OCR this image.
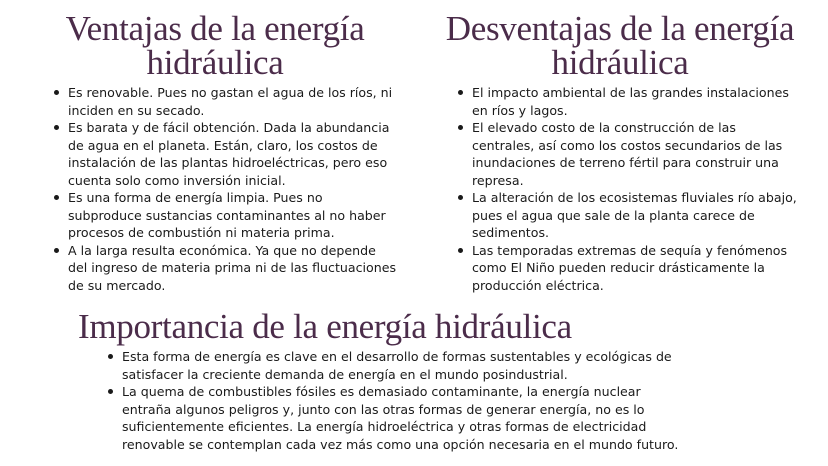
Ventajas de la energía hidráulica
Es renovable. Pues no gastan el agua de los ríos, ni inciden en su secado.
Es barata y de fácil obtención. Dada la abundancia de agua en el planeta. Están, claro, los costos de instalación de las plantas hidroeléctricas, pero eso cuenta solo como inversión inicial.
Es una forma de energía limpia. Pues no subproduce sustancias contaminantes al no haber procesos de combustión ni materia prima.
A la larga resulta económica. Ya que no depende del ingreso de materia prima ni de las fluctuaciones de su mercado.
Desventajas de la energía hidráulica
El impacto ambiental de las grandes instalaciones en ríos y lagos.
El elevado costo de la construcción de las centrales, así como los costos secundarios de las inundaciones de terreno fértil para construir una represa.
La alteración de los ecosistemas fluviales río abajo, pues el agua que sale de la planta carece de sedimentos.
Las temporadas extremas de sequía y fenómenos como El Niño pueden reducir drásticamente la producción eléctrica.
Importancia de la energía hidráulica
Esta forma de energía es clave en el desarrollo de formas sustentables y ecológicas de satisfacer la creciente demanda de energía en el mundo posindustrial.
La quema de combustibles fósiles es demasiado contaminante, la energía nuclear entraña algunos peligros y, junto con las otras formas de generar energía, no es lo suficientemente eficientes. La energía hidroeléctrica y otras formas de electricidad renovable se contemplan cada vez más como una opción necesaria en el mundo futuro.
